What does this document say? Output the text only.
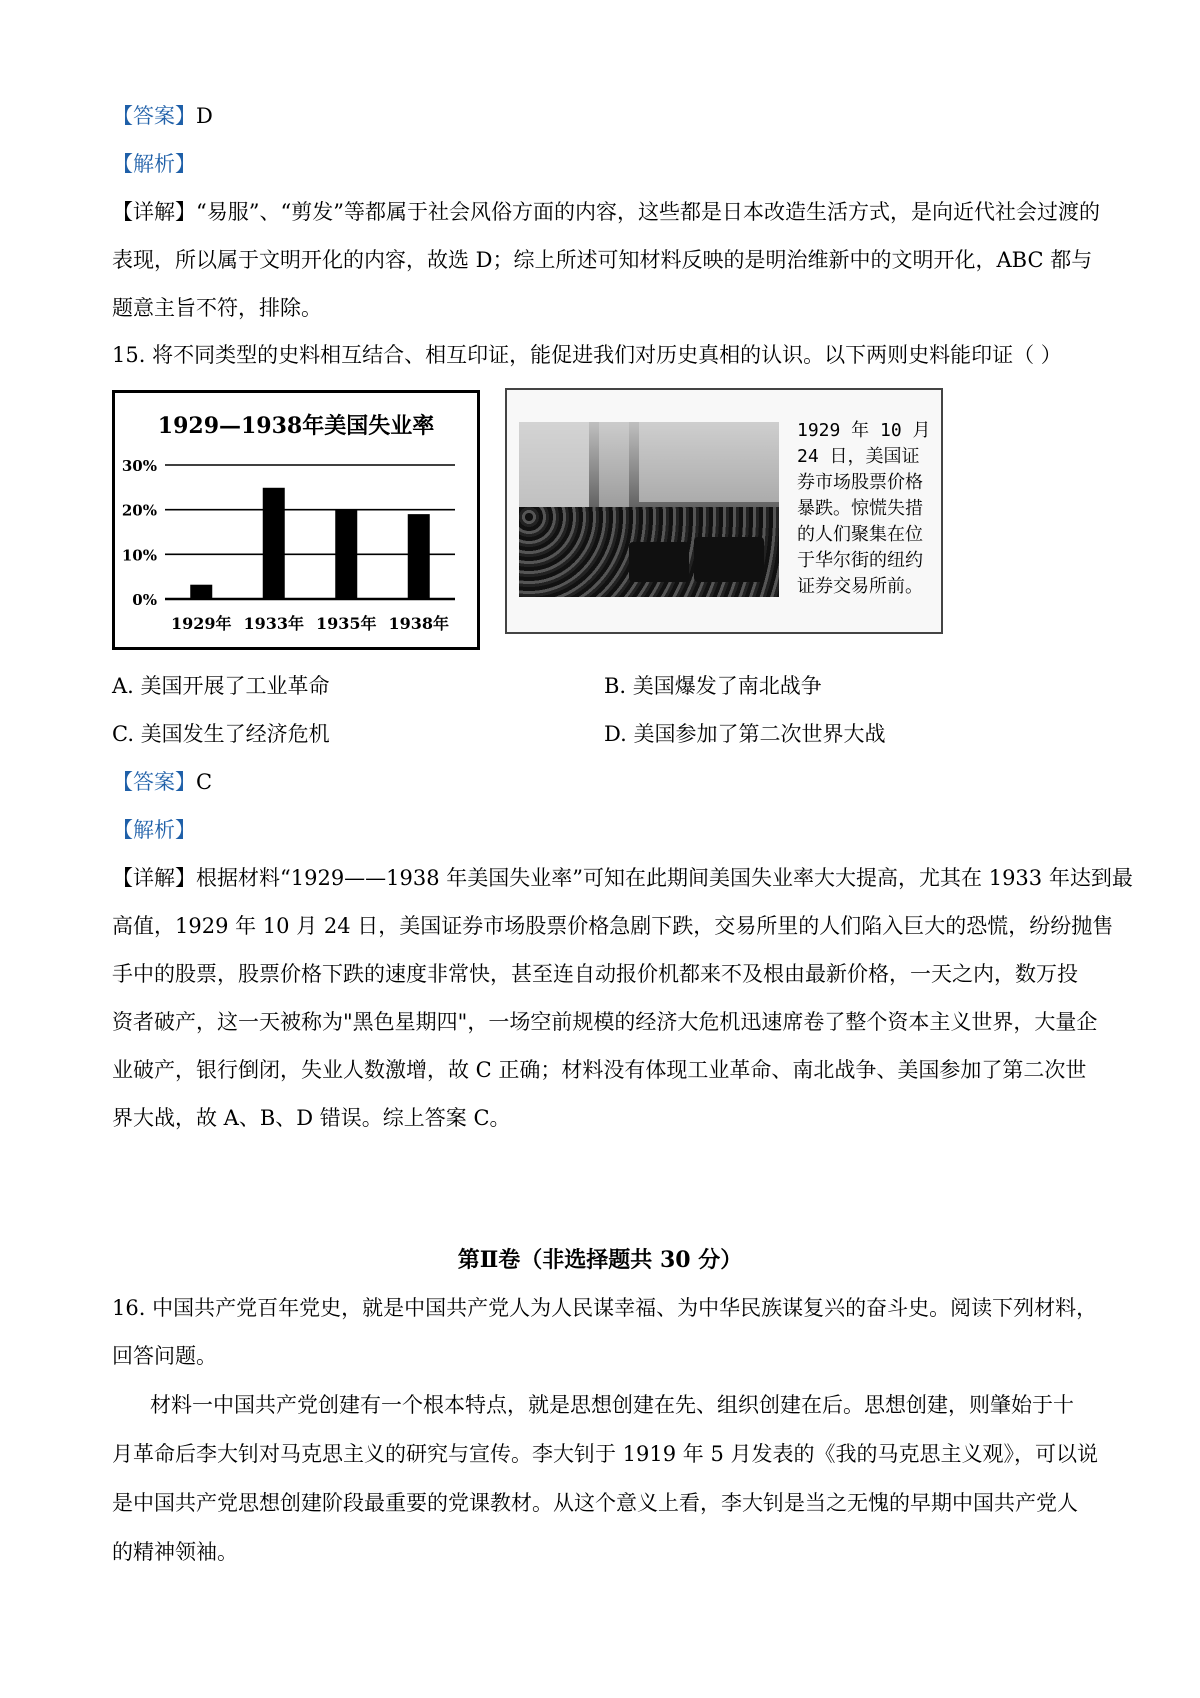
【答案】D
【解析】
【详解】“易服”、“剪发”等都属于社会风俗方面的内容，这些都是日本改造生活方式，是向近代社会过渡的
表现，所以属于文明开化的内容，故选 D；综上所述可知材料反映的是明治维新中的文明开化，ABC 都与
题意主旨不符，排除。
15. 将不同类型的史料相互结合、相互印证，能促进我们对历史真相的认识。以下两则史料能印证（ ）
1929—1938年美国失业率
0%
10%
20%
30%
1929年 1933年 1935年 1938年
1929 年 10 月 24 日，美国证券市场股票价格暴跌。惊慌失措的人们聚集在位于华尔街的纽约证券交易所前。
A. 美国开展了工业革命	B. 美国爆发了南北战争
C. 美国发生了经济危机	D. 美国参加了第二次世界大战
【答案】C
【解析】
【详解】根据材料“1929——1938 年美国失业率”可知在此期间美国失业率大大提高，尤其在 1933 年达到最
高值，1929 年 10 月 24 日，美国证券市场股票价格急剧下跌，交易所里的人们陷入巨大的恐慌，纷纷抛售
手中的股票，股票价格下跌的速度非常快，甚至连自动报价机都来不及根由最新价格，一天之内，数万投
资者破产，这一天被称为"黑色星期四"，一场空前规模的经济大危机迅速席卷了整个资本主义世界，大量企
业破产，银行倒闭，失业人数激增，故 C 正确；材料没有体现工业革命、南北战争、美国参加了第二次世
界大战，故 A、B、D 错误。综上答案 C。
第Ⅱ卷（非选择题共 30 分）
16. 中国共产党百年党史，就是中国共产党人为人民谋幸福、为中华民族谋复兴的奋斗史。阅读下列材料，
回答问题。
材料一中国共产党创建有一个根本特点，就是思想创建在先、组织创建在后。思想创建，则肇始于十
月革命后李大钊对马克思主义的研究与宣传。李大钊于 1919 年 5 月发表的《我的马克思主义观》，可以说
是中国共产党思想创建阶段最重要的党课教材。从这个意义上看，李大钊是当之无愧的早期中国共产党人
的精神领袖。
